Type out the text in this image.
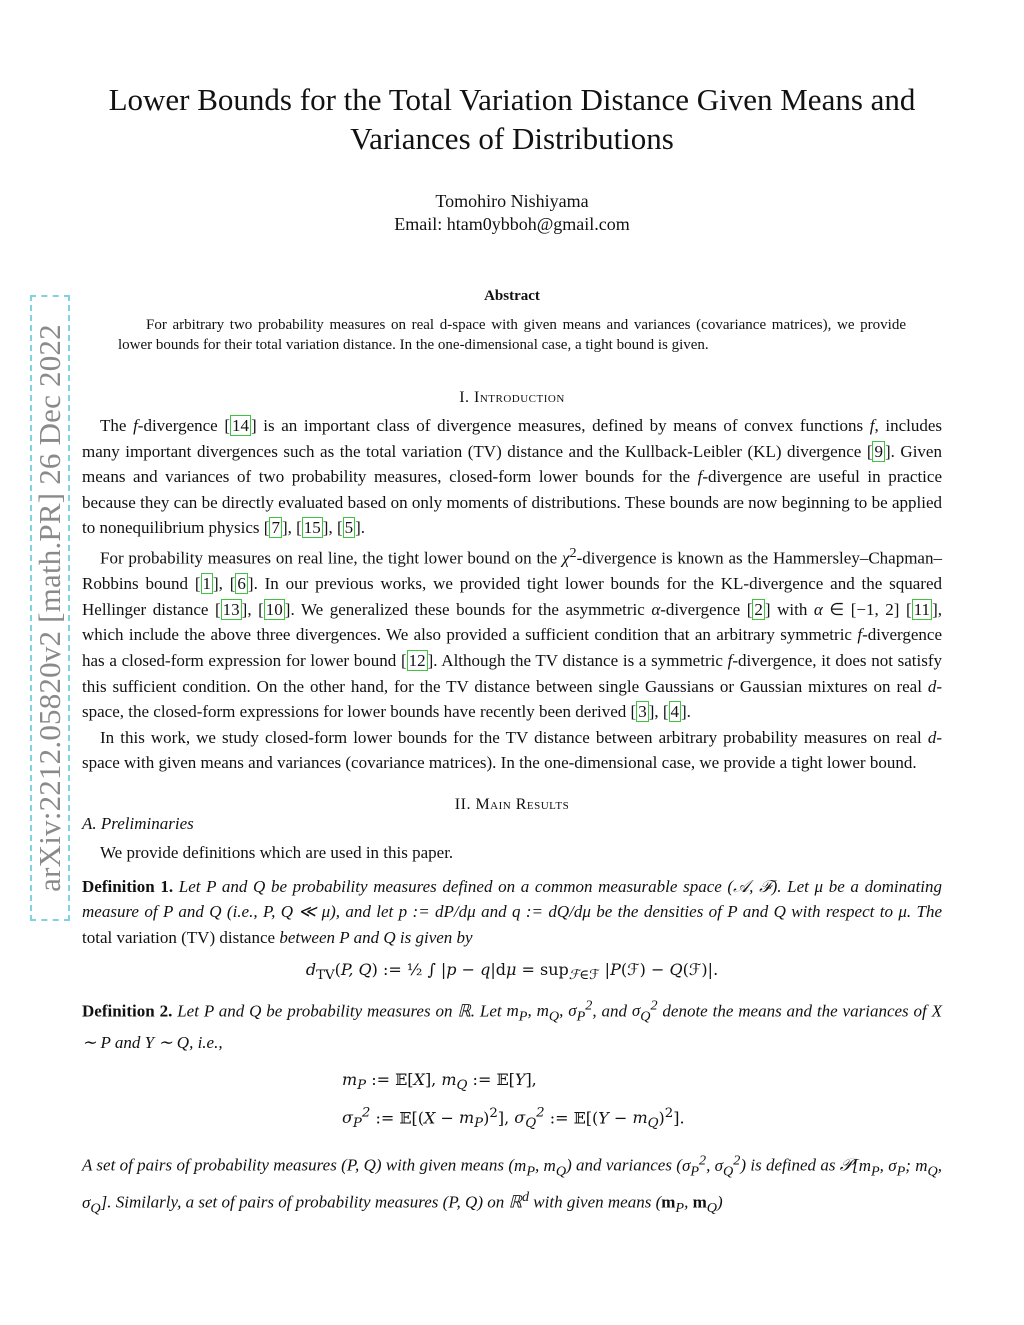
arXiv:2212.05820v2 [math.PR] 26 Dec 2022
Lower Bounds for the Total Variation Distance Given Means and Variances of Distributions
Tomohiro Nishiyama
Email: htam0ybboh@gmail.com
Abstract
For arbitrary two probability measures on real d-space with given means and variances (covariance matrices), we provide lower bounds for their total variation distance. In the one-dimensional case, a tight bound is given.
I. Introduction

The f-divergence [ 14 ] is an important class of divergence measures, defined by means of convex functions f, includes many important divergences such as the total variation (TV) distance and the Kullback-Leibler (KL) divergence [ 9 ]. Given means and variances of two probability measures, closed-form lower bounds for the f-divergence are useful in practice because they can be directly evaluated based on only moments of distributions. These bounds are now beginning to be applied to nonequilibrium physics [ 7 ], [ 15 ], [ 5 ].

For probability measures on real line, the tight lower bound on the $\chi^2$-divergence is known as the Hammersley–Chapman–Robbins bound [ 1 ], [ 6 ]. In our previous works, we provided tight lower bounds for the KL-divergence and the squared Hellinger distance [ 13 ], [ 10 ]. We generalized these bounds for the asymmetric α-divergence [ 2 ] with α ∈ [−1, 2] [ 11 ], which include the above three divergences. We also provided a sufficient condition that an arbitrary symmetric f-divergence has a closed-form expression for lower bound [ 12 ]. Although the TV distance is a symmetric f-divergence, it does not satisfy this sufficient condition. On the other hand, for the TV distance between single Gaussians or Gaussian mixtures on real d-space, the closed-form expressions for lower bounds have recently been derived [ 3 ], [ 4 ].

In this work, we study closed-form lower bounds for the TV distance between arbitrary probability measures on real d-space with given means and variances (covariance matrices). In the one-dimensional case, we provide a tight lower bound.

II. Main Results

A. Preliminaries

We provide definitions which are used in this paper.

Definition 1. Let P and Q be probability measures defined on a common measurable space (𝒜, ℱ). Let μ be a dominating measure of P and Q (i.e., P, Q ≪ μ), and let p := dP/dμ and q := dQ/dμ be the densities of P and Q with respect to μ. The total variation (TV) distance between P and Q is given by

$d_{TV}(P$, Q) := ½ ∫ |p − q|dμ = sup$_{ℱ\in ℱ}$ |P(ℱ) − Q(ℱ)|.

Definition 2. Let P and Q be probability measures on ℝ. Let $m_P$, $m_Q$, $\sigma_P^2$, and $\sigma_Q^2$ denote the means and the variances of X ∼ P and Y ∼ Q, i.e.,

$m_P$ := 𝔼[X], $m_Q$ := 𝔼[Y],
$\sigma_P^2$ := 𝔼[(X − $m_P)^2$], $\sigma_Q^2$ := 𝔼[(Y − $m_Q)^2$].

A set of pairs of probability measures (P, Q) with given means ($m_P$, $m_Q$) and variances ($\sigma_P^2$, $\sigma_Q^2$) is defined as $𝒫[m_P$, $\sigma_P$; $m_Q$, $\sigma_Q$]. Similarly, a set of pairs of probability measures (P, Q) on ℝ$^d$ with given means ($m_P$, $m_Q$)
